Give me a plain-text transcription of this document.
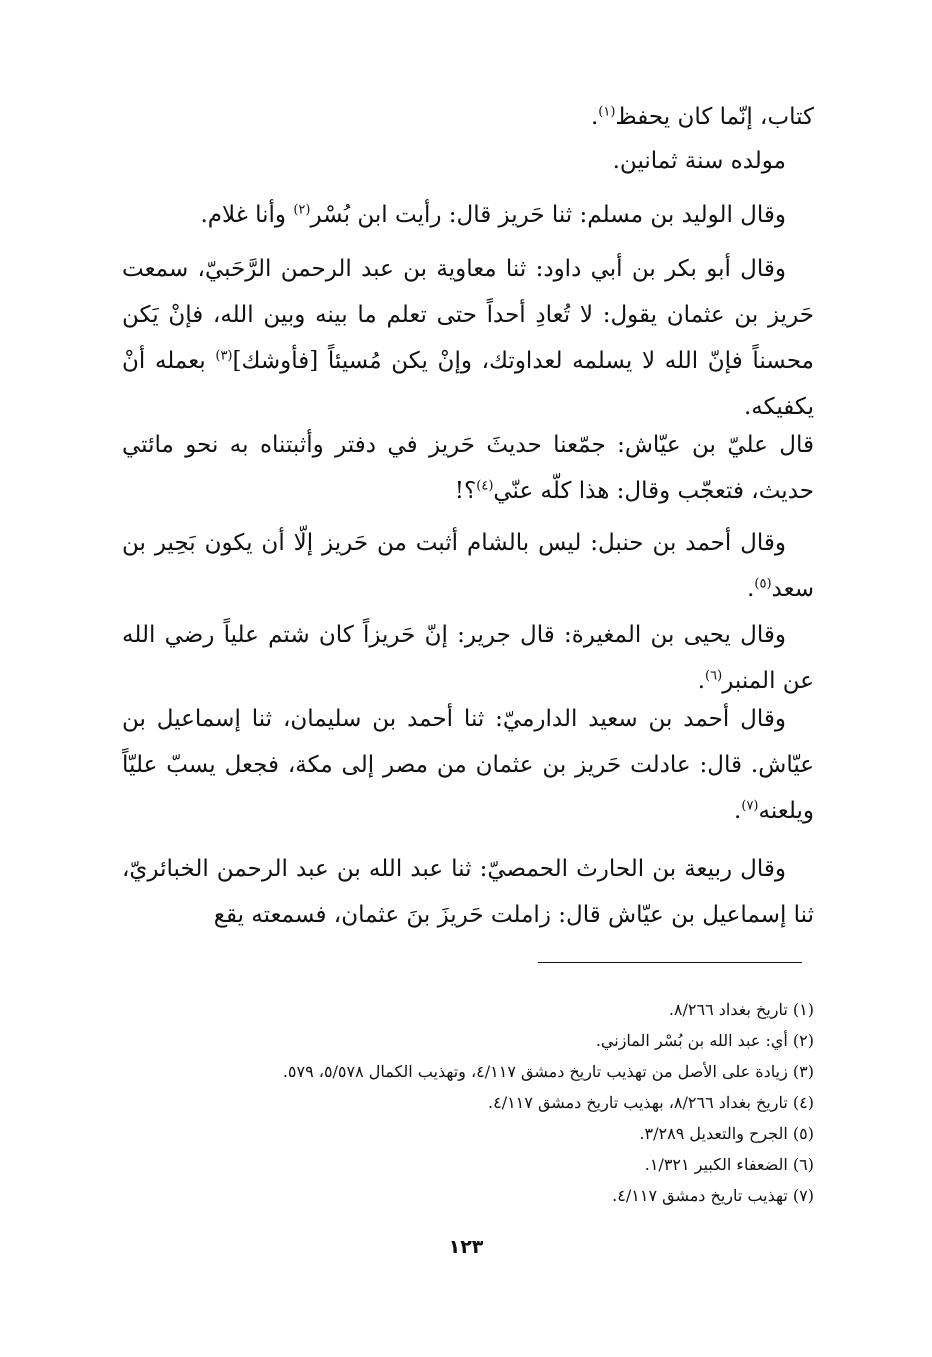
كتاب، إنّما كان يحفظ$^{(١)}$.

مولده سنة ثمانين.

وقال الوليد بن مسلم: ثنا حَريز قال: رأيت ابن بُسْر$^{(٢)}$ وأنا غلام.

وقال أبو بكر بن أبي داود: ثنا معاوية بن عبد الرحمن الرَّحَبيّ، سمعت حَريز بن عثمان يقول: لا تُعادِ أحداً حتى تعلم ما بينه وبين الله، فإنْ يَكن محسناً فإنّ الله لا يسلمه لعداوتك، وإنْ يكن مُسيئاً [فأوشك]$^{(٣)}$ بعمله أنْ يكفيكه.

قال عليّ بن عيّاش: جمّعنا حديثَ حَريز في دفتر وأثبتناه به نحو مائتي حديث، فتعجّب وقال: هذا كلّه عنّي$^{(٤)}$؟!

وقال أحمد بن حنبل: ليس بالشام أثبت من حَريز إلّا أن يكون بَحِير بن سعد$^{(٥)}$.

وقال يحيى بن المغيرة: قال جرير: إنّ حَريزاً كان شتم علياً رضي الله عن المنبر$^{(٦)}$.

وقال أحمد بن سعيد الدارميّ: ثنا أحمد بن سليمان، ثنا إسماعيل بن عيّاش. قال: عادلت حَريز بن عثمان من مصر إلى مكة، فجعل يسبّ عليّاً ويلعنه$^{(٧)}$.

وقال ربيعة بن الحارث الحمصيّ: ثنا عبد الله بن عبد الرحمن الخبائريّ، ثنا إسماعيل بن عيّاش قال: زاملت حَريزَ بنَ عثمان، فسمعته يقع

(١) تاريخ بغداد ٨/٢٦٦.
(٢) أي: عبد الله بن بُسْر المازني.
(٣) زيادة على الأصل من تهذيب تاريخ دمشق ٤/١١٧، وتهذيب الكمال ٥/٥٧٨، ٥٧٩.
(٤) تاريخ بغداد ٨/٢٦٦، بهذيب تاريخ دمشق ٤/١١٧.
(٥) الجرح والتعديل ٣/٢٨٩.
(٦) الضعفاء الكبير ١/٣٢١.
(٧) تهذيب تاريخ دمشق ٤/١١٧.
١٢٣
